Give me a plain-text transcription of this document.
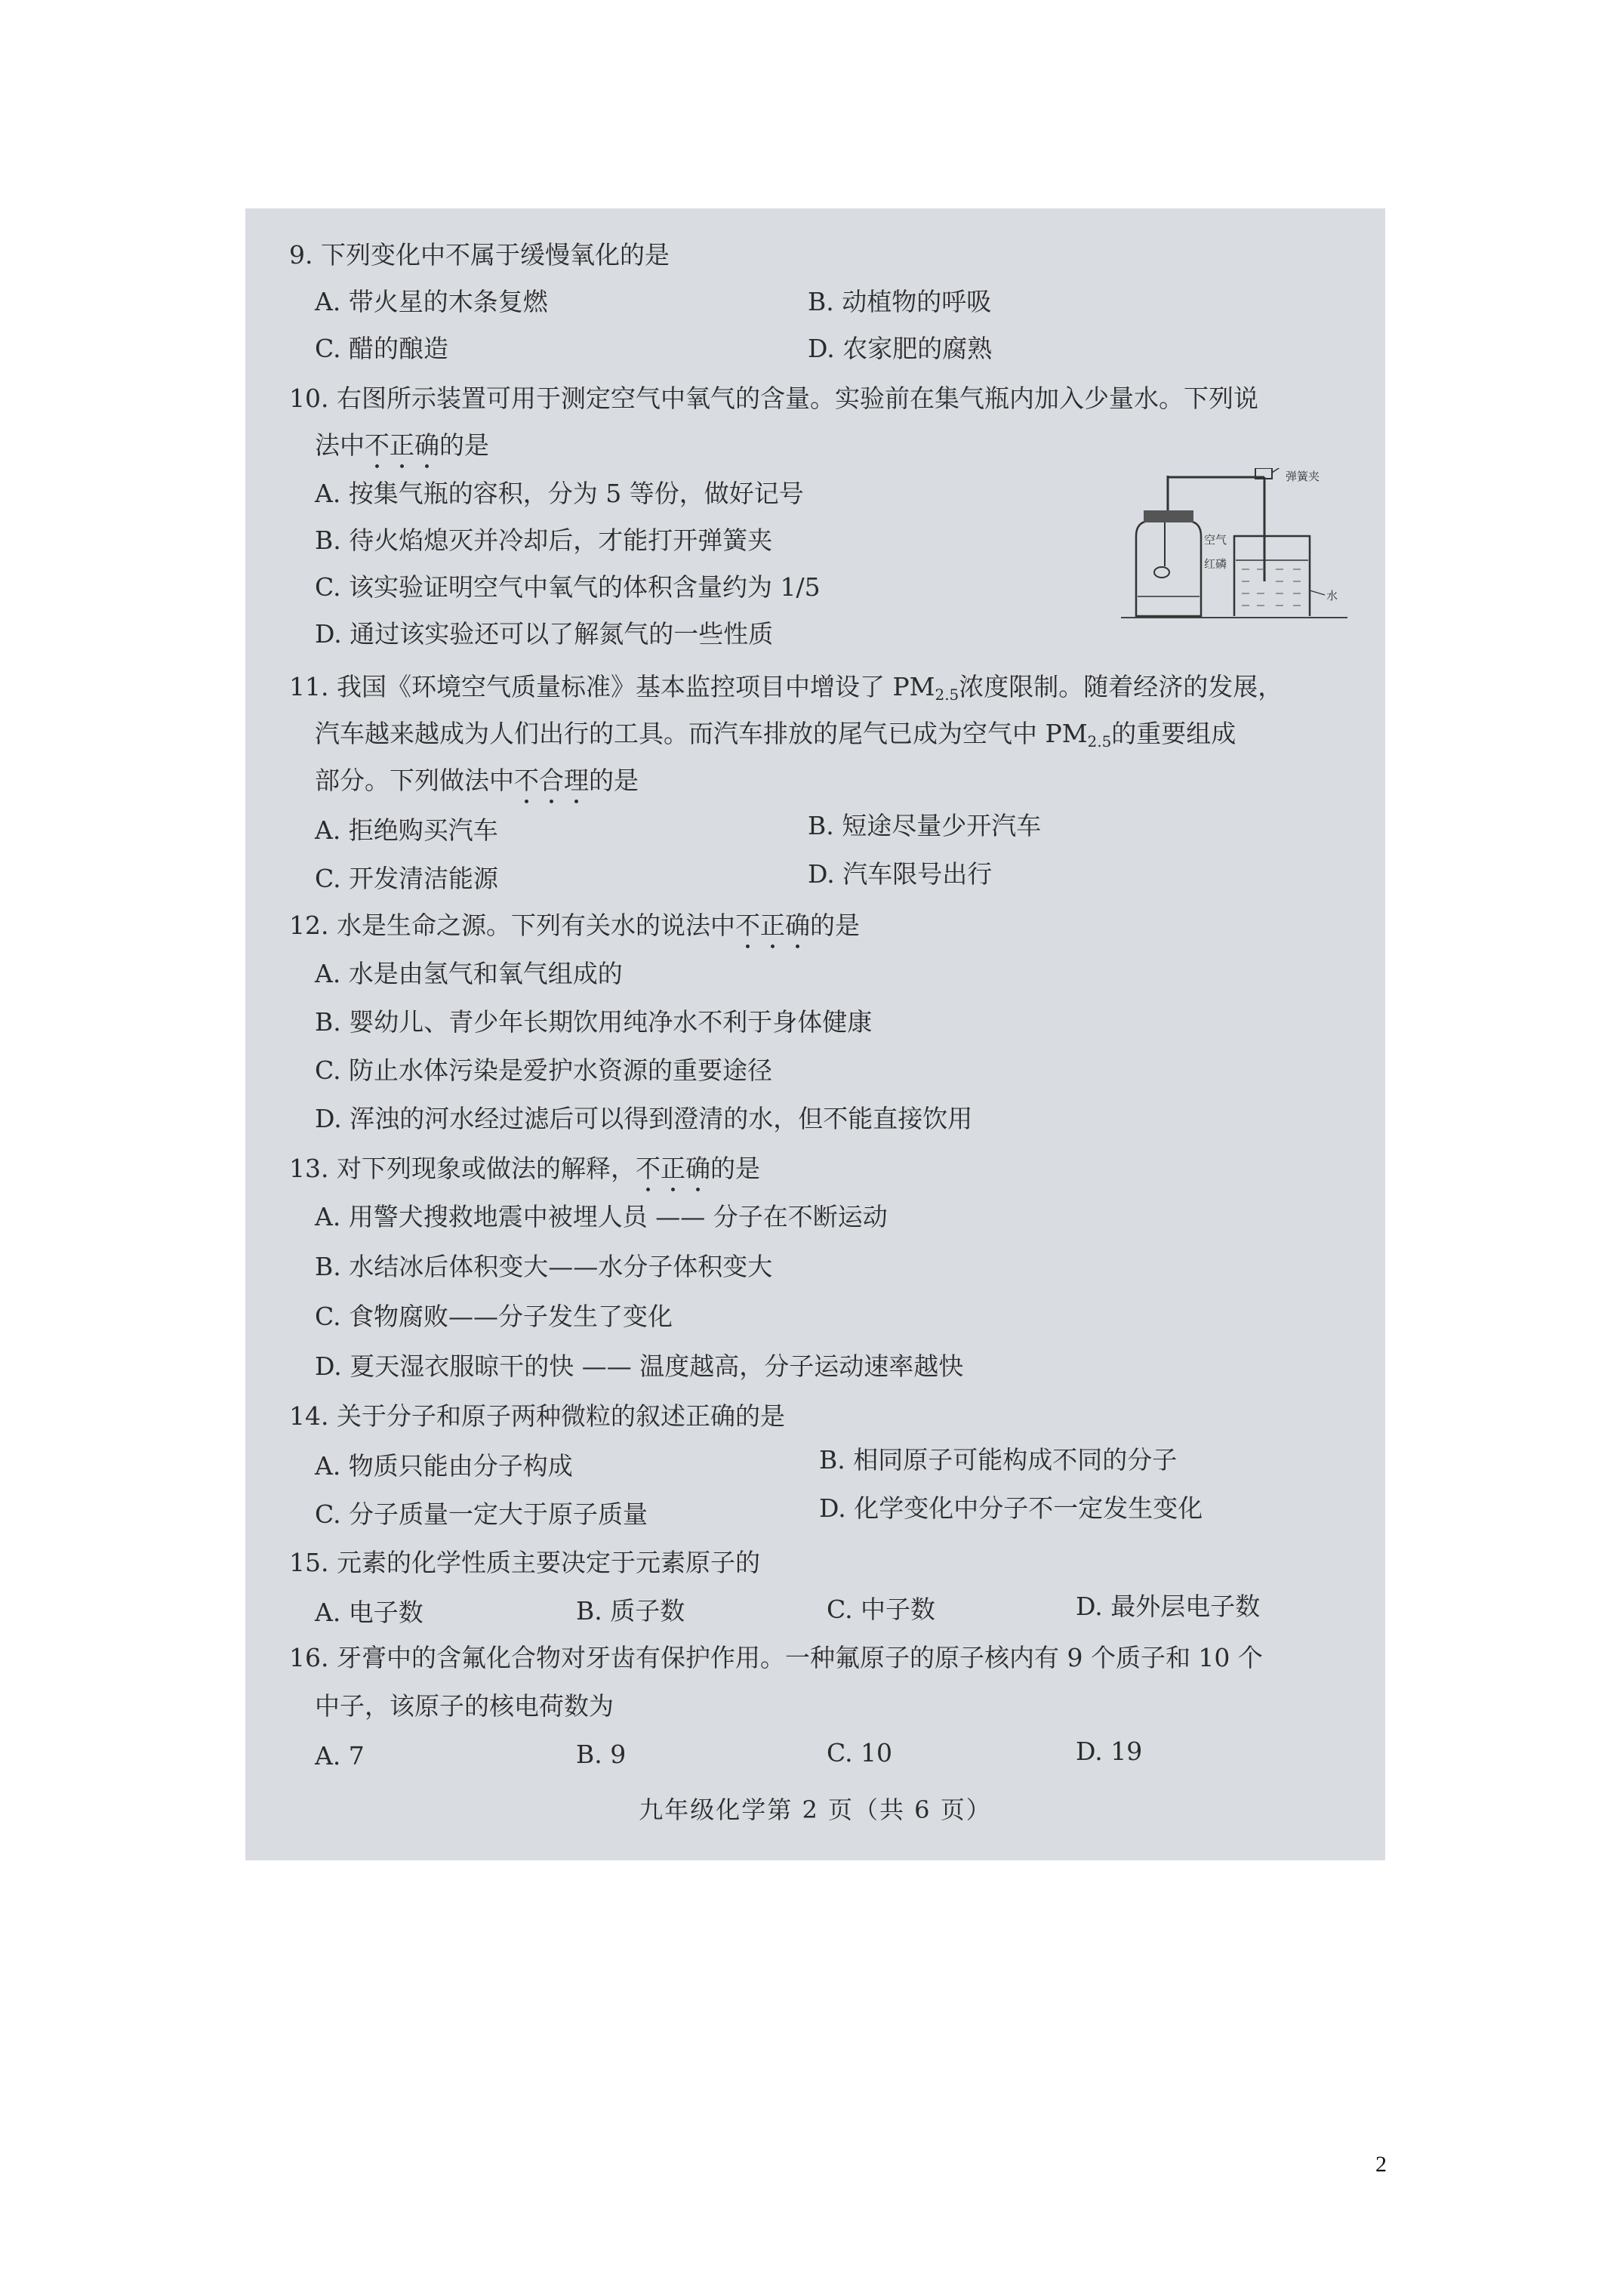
9. 下列变化中不属于缓慢氧化的是
A. 带火星的木条复燃	B. 动植物的呼吸
C. 醋的酿造	D. 农家肥的腐熟
10. 右图所示装置可用于测定空气中氧气的含量。实验前在集气瓶内加入少量水。下列说
法中不正确的是
A. 按集气瓶的容积，分为 5 等份，做好记号
B. 待火焰熄灭并冷却后，才能打开弹簧夹
C. 该实验证明空气中氧气的体积含量约为 1/5
D. 通过该实验还可以了解氮气的一些性质
弹簧夹
空气
红磷
水
11. 我国《环境空气质量标准》基本监控项目中增设了 $PM_{2.5}$浓度限制。随着经济的发展，
汽车越来越成为人们出行的工具。而汽车排放的尾气已成为空气中 $PM_{2.5}$的重要组成
部分。下列做法中不合理的是
A. 拒绝购买汽车	B. 短途尽量少开汽车
C. 开发清洁能源	D. 汽车限号出行
12. 水是生命之源。下列有关水的说法中不正确的是
A. 水是由氢气和氧气组成的
B. 婴幼儿、青少年长期饮用纯净水不利于身体健康
C. 防止水体污染是爱护水资源的重要途径
D. 浑浊的河水经过滤后可以得到澄清的水，但不能直接饮用
13. 对下列现象或做法的解释，不正确的是
A. 用警犬搜救地震中被埋人员 —— 分子在不断运动
B. 水结冰后体积变大——水分子体积变大
C. 食物腐败——分子发生了变化
D. 夏天湿衣服晾干的快 —— 温度越高，分子运动速率越快
14. 关于分子和原子两种微粒的叙述正确的是
A. 物质只能由分子构成	B. 相同原子可能构成不同的分子
C. 分子质量一定大于原子质量	D. 化学变化中分子不一定发生变化
15. 元素的化学性质主要决定于元素原子的
A. 电子数	B. 质子数	C. 中子数	D. 最外层电子数
16. 牙膏中的含氟化合物对牙齿有保护作用。一种氟原子的原子核内有 9 个质子和 10 个
中子，该原子的核电荷数为
A. 7	B. 9	C. 10	D. 19
九年级化学第 2 页（共 6 页）
2
